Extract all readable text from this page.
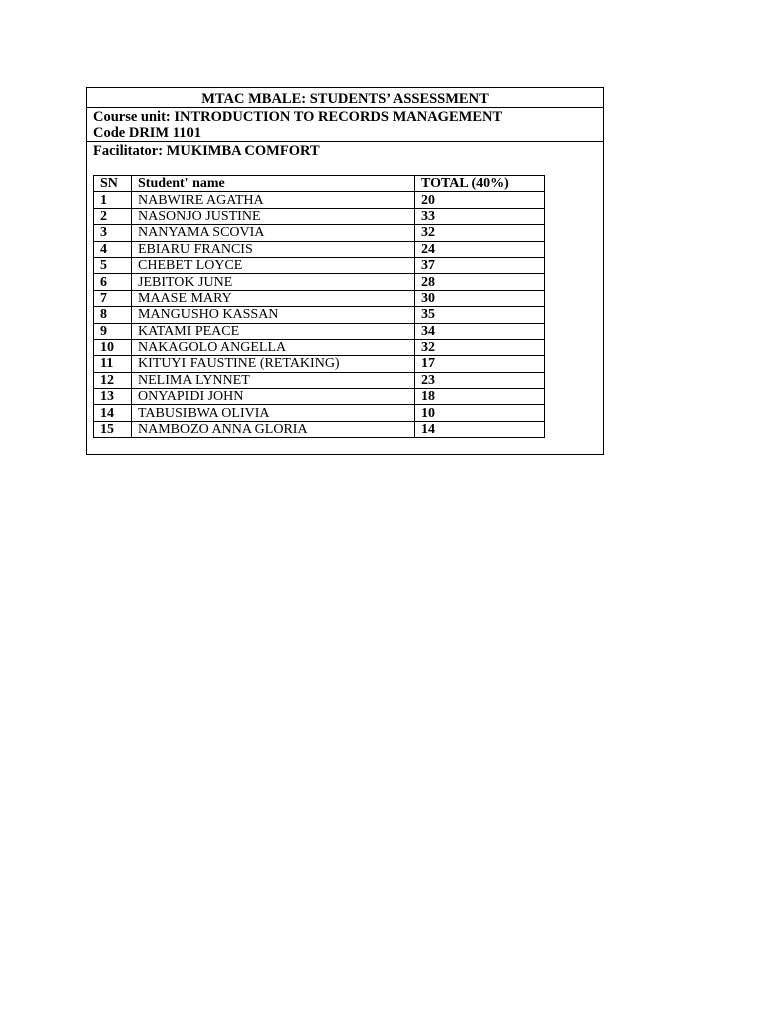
MTAC MBALE: STUDENTS’ ASSESSMENT
Course unit: INTRODUCTION TO RECORDS MANAGEMENT
Code DRIM 1101
Facilitator: MUKIMBA COMFORT
SN	Student' name	TOTAL (40%)
1	NABWIRE AGATHA	20
2	NASONJO JUSTINE	33
3	NANYAMA SCOVIA	32
4	EBIARU FRANCIS	24
5	CHEBET LOYCE	37
6	JEBITOK JUNE	28
7	MAASE MARY	30
8	MANGUSHO KASSAN	35
9	KATAMI PEACE	34
10	NAKAGOLO ANGELLA	32
11	KITUYI FAUSTINE (RETAKING)	17
12	NELIMA LYNNET	23
13	ONYAPIDI JOHN	18
14	TABUSIBWA OLIVIA	10
15	NAMBOZO ANNA GLORIA	14
